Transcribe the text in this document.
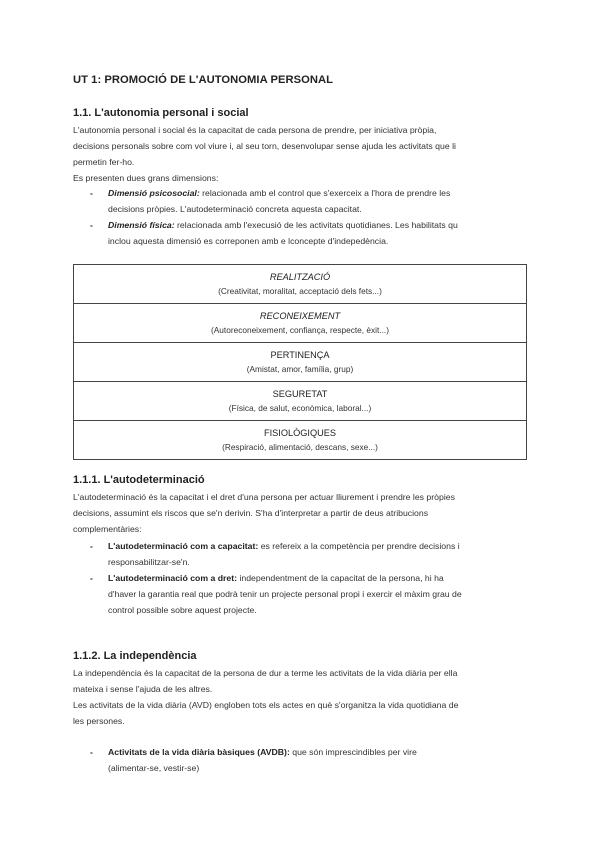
UT 1: PROMOCIÓ DE L'AUTONOMIA PERSONAL
1.1. L'autonomia personal i social
L'autonomia personal i social és la capacitat de cada persona de prendre, per iniciativa pròpia,
decisions personals sobre com vol viure i, al seu torn, desenvolupar sense ajuda les activitats que li
permetin fer-ho.
Es presenten dues grans dimensions:
- Dimensió psicosocial: relacionada amb el control que s'exerceix a l'hora de prendre les
decisions pròpies. L'autodeterminació concreta aquesta capacitat.
- Dimensió física: relacionada amb l'execusió de les activitats quotidianes. Les habilitats qu
inclou aquesta dimensió es correponen amb e lconcepte d'indepedència.
REALITZACIÓ
(Creativitat, moralitat, acceptació dels fets...)
RECONEIXEMENT
(Autoreconeixement, confiança, respecte, èxit...)
PERTINENÇA
(Amistat, amor, família, grup)
SEGURETAT
(Física, de salut, econòmica, laboral...)
FISIOLÒGIQUES
(Respiració, alimentació, descans, sexe...)
1.1.1. L'autodeterminació
L'autodeterminació és la capacitat i el dret d'una persona per actuar lliurement i prendre les pròpies
decisions, assumint els riscos que se'n derivin. S'ha d'interpretar a partir de deus atribucions
complementàries:
- L'autodeterminació com a capacitat: es refereix a la competència per prendre decisions i
responsabilitzar-se'n.
- L'autodeterminació com a dret: independentment de la capacitat de la persona, hi ha
d'haver la garantia real que podrà tenir un projecte personal propi i exercir el màxim grau de
control possible sobre aquest projecte.
1.1.2. La independència
La independència és la capacitat de la persona de dur a terme les activitats de la vida diària per ella
mateixa i sense l'ajuda de les altres.
Les activitats de la vida diària (AVD) engloben tots els actes en què s'organitza la vida quotidiana de
les persones.
- Activitats de la vida diària bàsiques (AVDB): que són imprescindibles per vire
(alimentar-se, vestir-se)
